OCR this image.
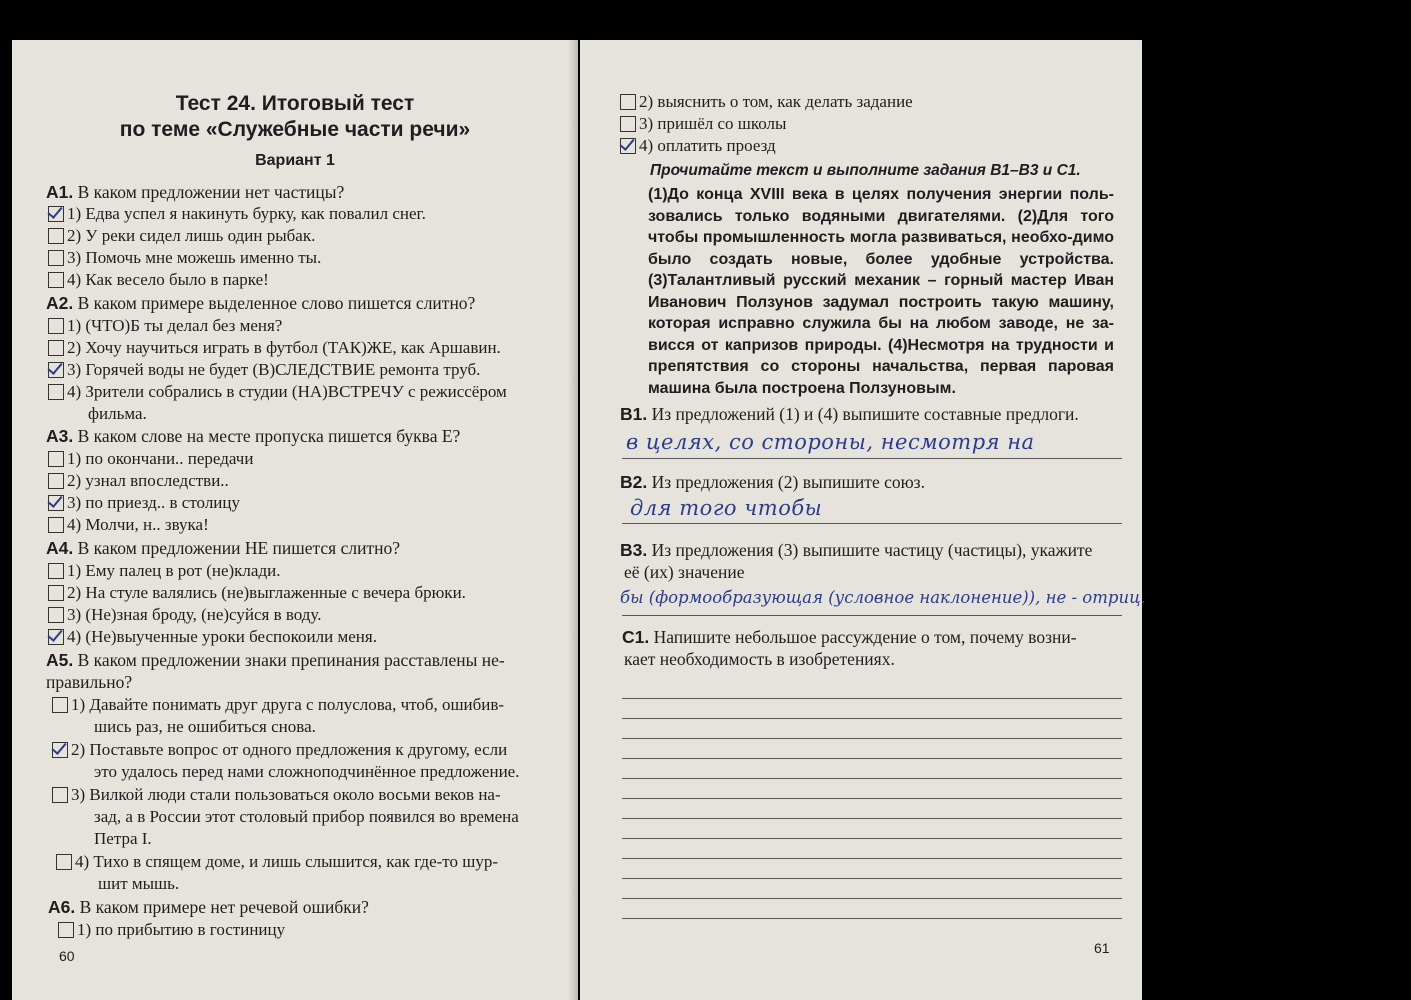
Тест 24. Итоговый тест
по теме «Служебные части речи»
Вариант 1
A1. В каком предложении нет частицы?
1) Едва успел я накинуть бурку, как повалил снег.
2) У реки сидел лишь один рыбак.
3) Помочь мне можешь именно ты.
4) Как весело было в парке!
A2. В каком примере выделенное слово пишется слитно?
1) (ЧТО)Б ты делал без меня?
2) Хочу научиться играть в футбол (ТАК)ЖЕ, как Аршавин.
3) Горячей воды не будет (В)СЛЕДСТВИЕ ремонта труб.
4) Зрители собрались в студии (НА)ВСТРЕЧУ с режиссёром
фильма.
A3. В каком слове на месте пропуска пишется буква Е?
1) по окончани.. передачи
2) узнал впоследстви..
3) по приезд.. в столицу
4) Молчи, н.. звука!
A4. В каком предложении НЕ пишется слитно?
1) Ему палец в рот (не)клади.
2) На стуле валялись (не)выглаженные с вечера брюки.
3) (Не)зная броду, (не)суйся в воду.
4) (Не)выученные уроки беспокоили меня.
A5. В каком предложении знаки препинания расставлены не-
правильно?
1) Давайте понимать друг друга с полуслова, чтоб, ошибив-
шись раз, не ошибиться снова.
2) Поставьте вопрос от одного предложения к другому, если
это удалось перед нами сложноподчинённое предложение.
3) Вилкой люди стали пользоваться около восьми веков на-
зад, а в России этот столовый прибор появился во времена
Петра I.
4) Тихо в спящем доме, и лишь слышится, как где-то шур-
шит мышь.
A6. В каком примере нет речевой ошибки?
1) по прибытию в гостиницу
60
2) выяснить о том, как делать задание
3) пришёл со школы
4) оплатить проезд
Прочитайте текст и выполните задания В1–В3 и С1.
(1)До конца XVIII века в целях получения энергии поль-зовались только водяными двигателями. (2)Для того чтобы промышленность могла развиваться, необхо-димо было создать новые, более удобные устройства. (3)Талантливый русский механик – горный мастер Иван Иванович Ползунов задумал построить такую машину, которая исправно служила бы на любом заводе, не за-висся от капризов природы. (4)Несмотря на трудности и препятствия со стороны начальства, первая паровая машина была построена Ползуновым.
B1. Из предложений (1) и (4) выпишите составные предлоги.
в целях, со стороны, несмотря на
B2. Из предложения (2) выпишите союз.
для того чтобы
B3. Из предложения (3) выпишите частицу (частицы), укажите
её (их) значение
бы (формообразующая (условное наклонение)), не - отриц.
C1. Напишите небольшое рассуждение о том, почему возни-
кает необходимость в изобретениях.
61
